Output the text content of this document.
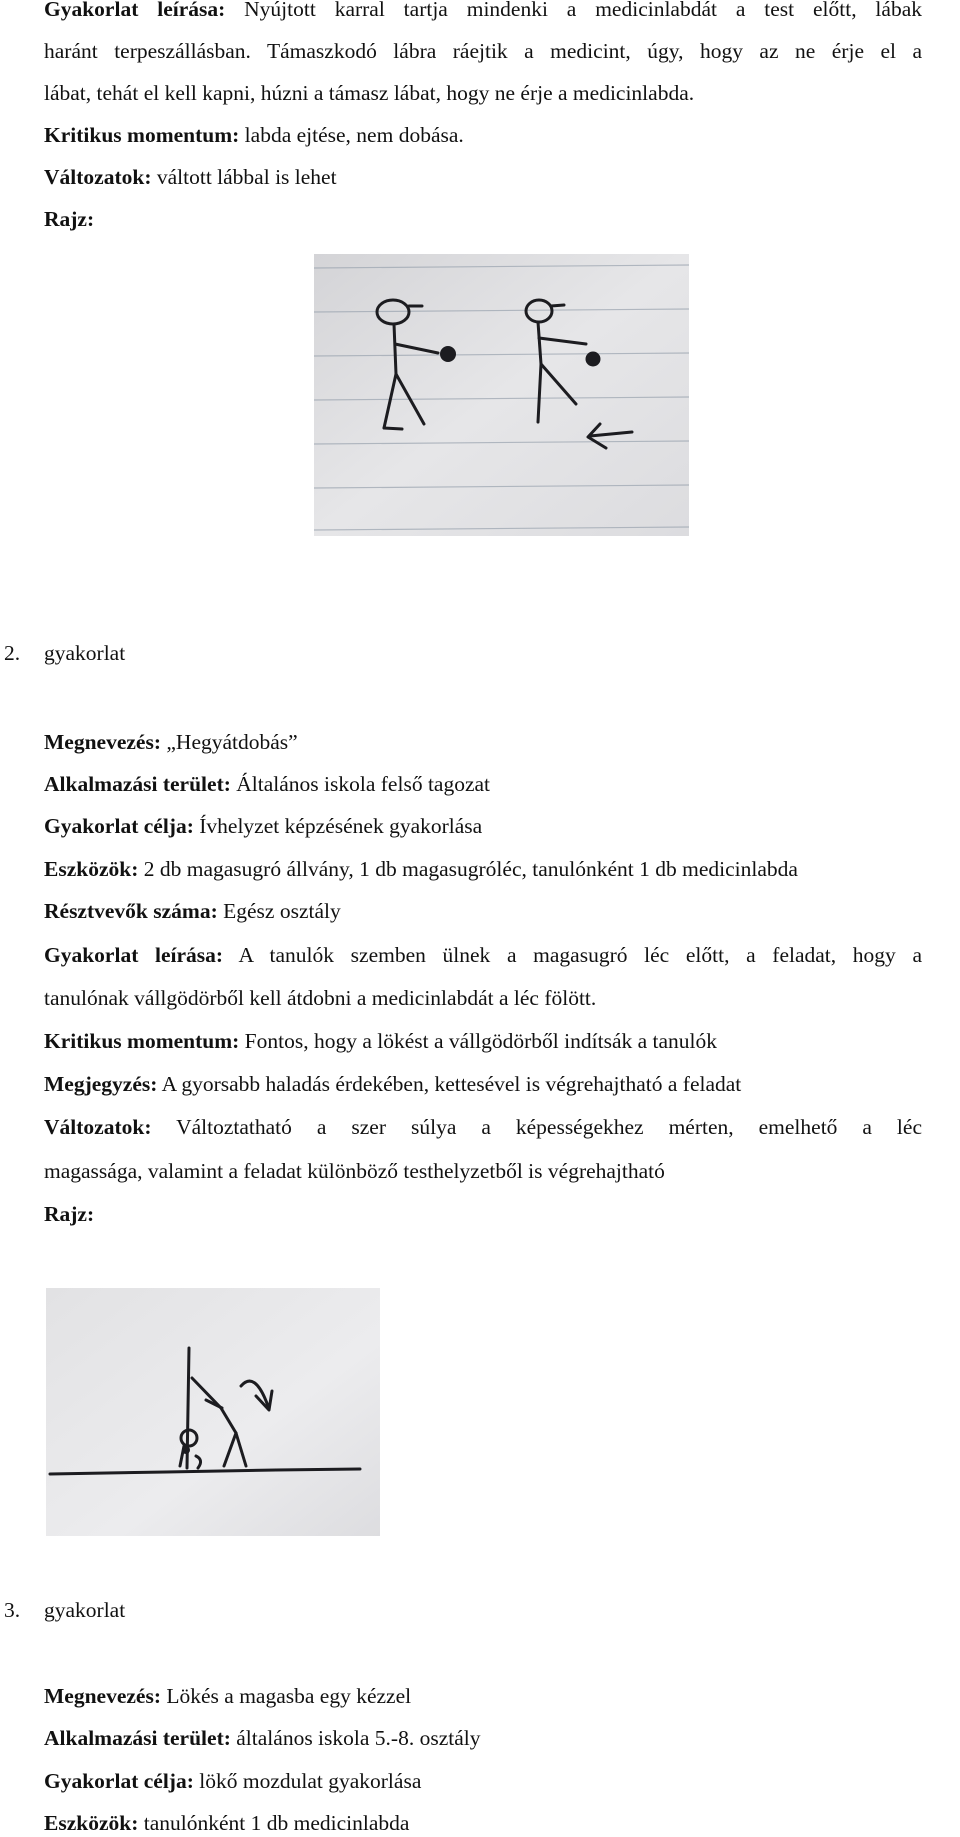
Gyakorlat leírása: Nyújtott karral tartja mindenki a medicinlabdát a test előtt, lábak
haránt terpeszállásban. Támaszkodó lábra ráejtik a medicint, úgy, hogy az ne érje el a
lábat, tehát el kell kapni, húzni a támasz lábat, hogy ne érje a medicinlabda.
Kritikus momentum: labda ejtése, nem dobása.
Változatok: váltott lábbal is lehet
Rajz:
2. gyakorlat
Megnevezés: „Hegyátdobás”
Alkalmazási terület: Általános iskola felső tagozat
Gyakorlat célja: Ívhelyzet képzésének gyakorlása
Eszközök: 2 db magasugró állvány, 1 db magasugróléc, tanulónként 1 db medicinlabda
Résztvevők száma: Egész osztály
Gyakorlat leírása: A tanulók szemben ülnek a magasugró léc előtt, a feladat, hogy a
tanulónak vállgödörből kell átdobni a medicinlabdát a léc fölött.
Kritikus momentum: Fontos, hogy a lökést a vállgödörből indítsák a tanulók
Megjegyzés: A gyorsabb haladás érdekében, kettesével is végrehajtható a feladat
Változatok: Változtatható a szer súlya a képességekhez mérten, emelhető a léc
magassága, valamint a feladat különböző testhelyzetből is végrehajtható
Rajz:
3. gyakorlat
Megnevezés: Lökés a magasba egy kézzel
Alkalmazási terület: általános iskola 5.-8. osztály
Gyakorlat célja: lökő mozdulat gyakorlása
Eszközök: tanulónként 1 db medicinlabda
